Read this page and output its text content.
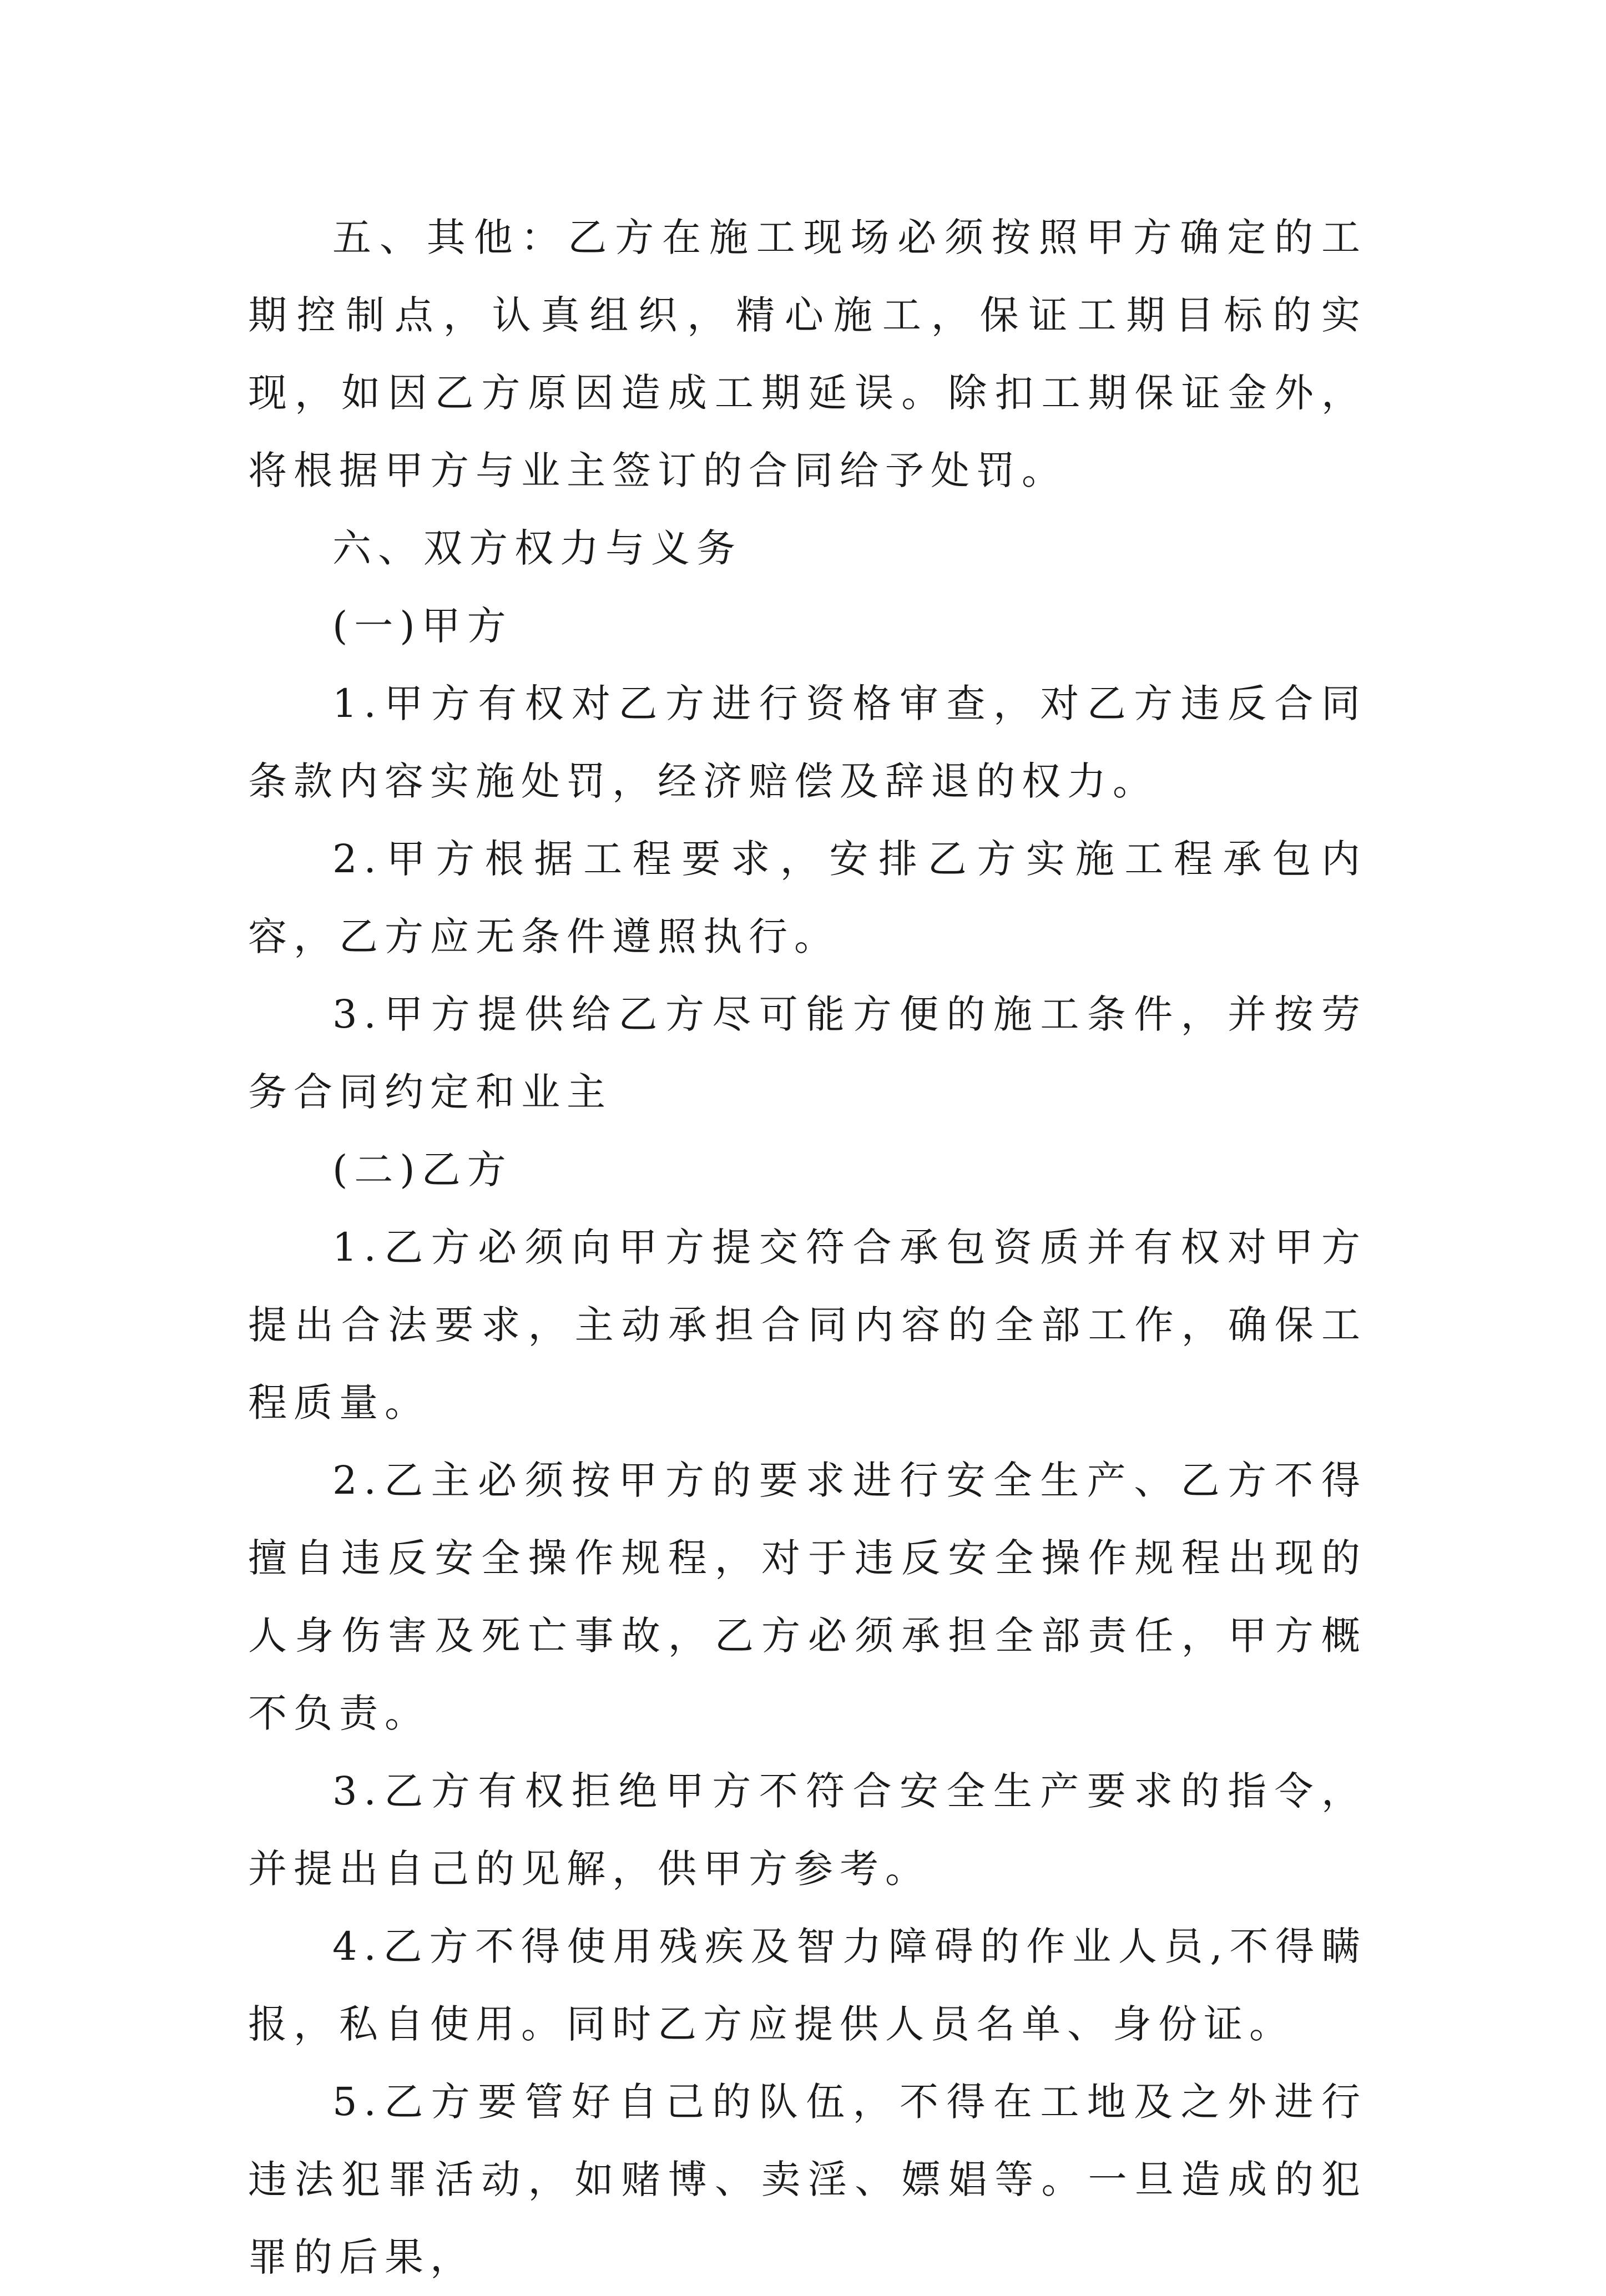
五、其他：乙方在施工现场必须按照甲方确定的工期控制点，认真组织，精心施工，保证工期目标的实现，如因乙方原因造成工期延误。除扣工期保证金外，将根据甲方与业主签订的合同给予处罚。

六、双方权力与义务

(一)甲方

1.甲方有权对乙方进行资格审查，对乙方违反合同条款内容实施处罚，经济赔偿及辞退的权力。

2.甲方根据工程要求，安排乙方实施工程承包内容，乙方应无条件遵照执行。

3.甲方提供给乙方尽可能方便的施工条件，并按劳务合同约定和业主

(二)乙方

1.乙方必须向甲方提交符合承包资质并有权对甲方提出合法要求，主动承担合同内容的全部工作，确保工程质量。

2.乙主必须按甲方的要求进行安全生产、乙方不得擅自违反安全操作规程，对于违反安全操作规程出现的人身伤害及死亡事故，乙方必须承担全部责任，甲方概不负责。

3.乙方有权拒绝甲方不符合安全生产要求的指令，并提出自己的见解，供甲方参考。

4.乙方不得使用残疾及智力障碍的作业人员,不得瞒报，私自使用。同时乙方应提供人员名单、身份证。

5.乙方要管好自己的队伍，不得在工地及之外进行违法犯罪活动，如赌博、卖淫、嫖娼等。一旦造成的犯罪的后果，
